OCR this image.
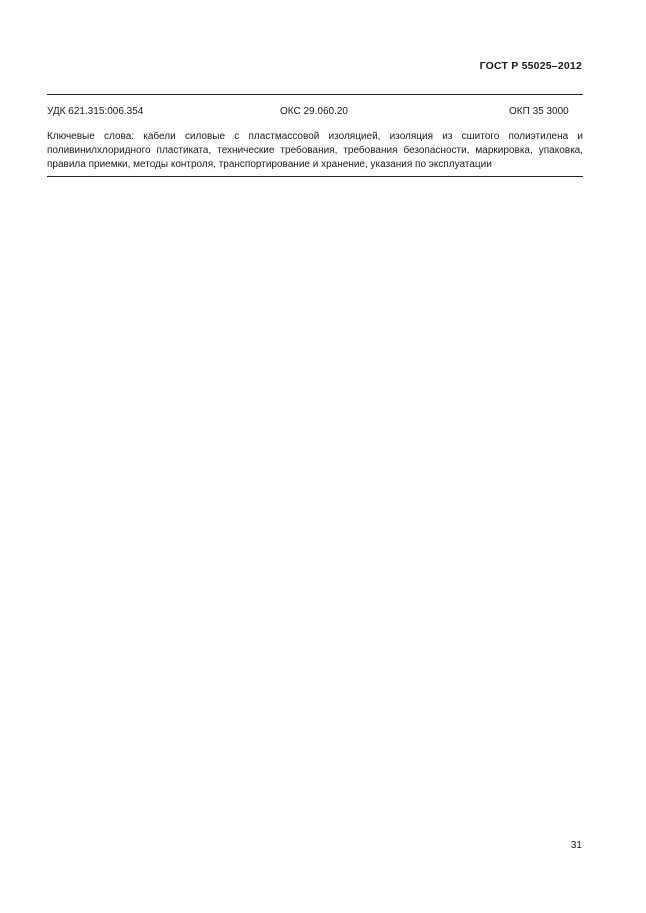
ГОСТ Р 55025–2012
УДК 621.315:006.354	ОКС 29.060.20	ОКП 35 3000
Ключевые слова: кабели силовые с пластмассовой изоляцией, изоляция из сшитого полиэтилена и поливинилхлоридного пластиката, технические требования, требования безопасности, маркировка, упаковка, правила приемки, методы контроля, транспортирование и хранение, указания по эксплуатации
31
